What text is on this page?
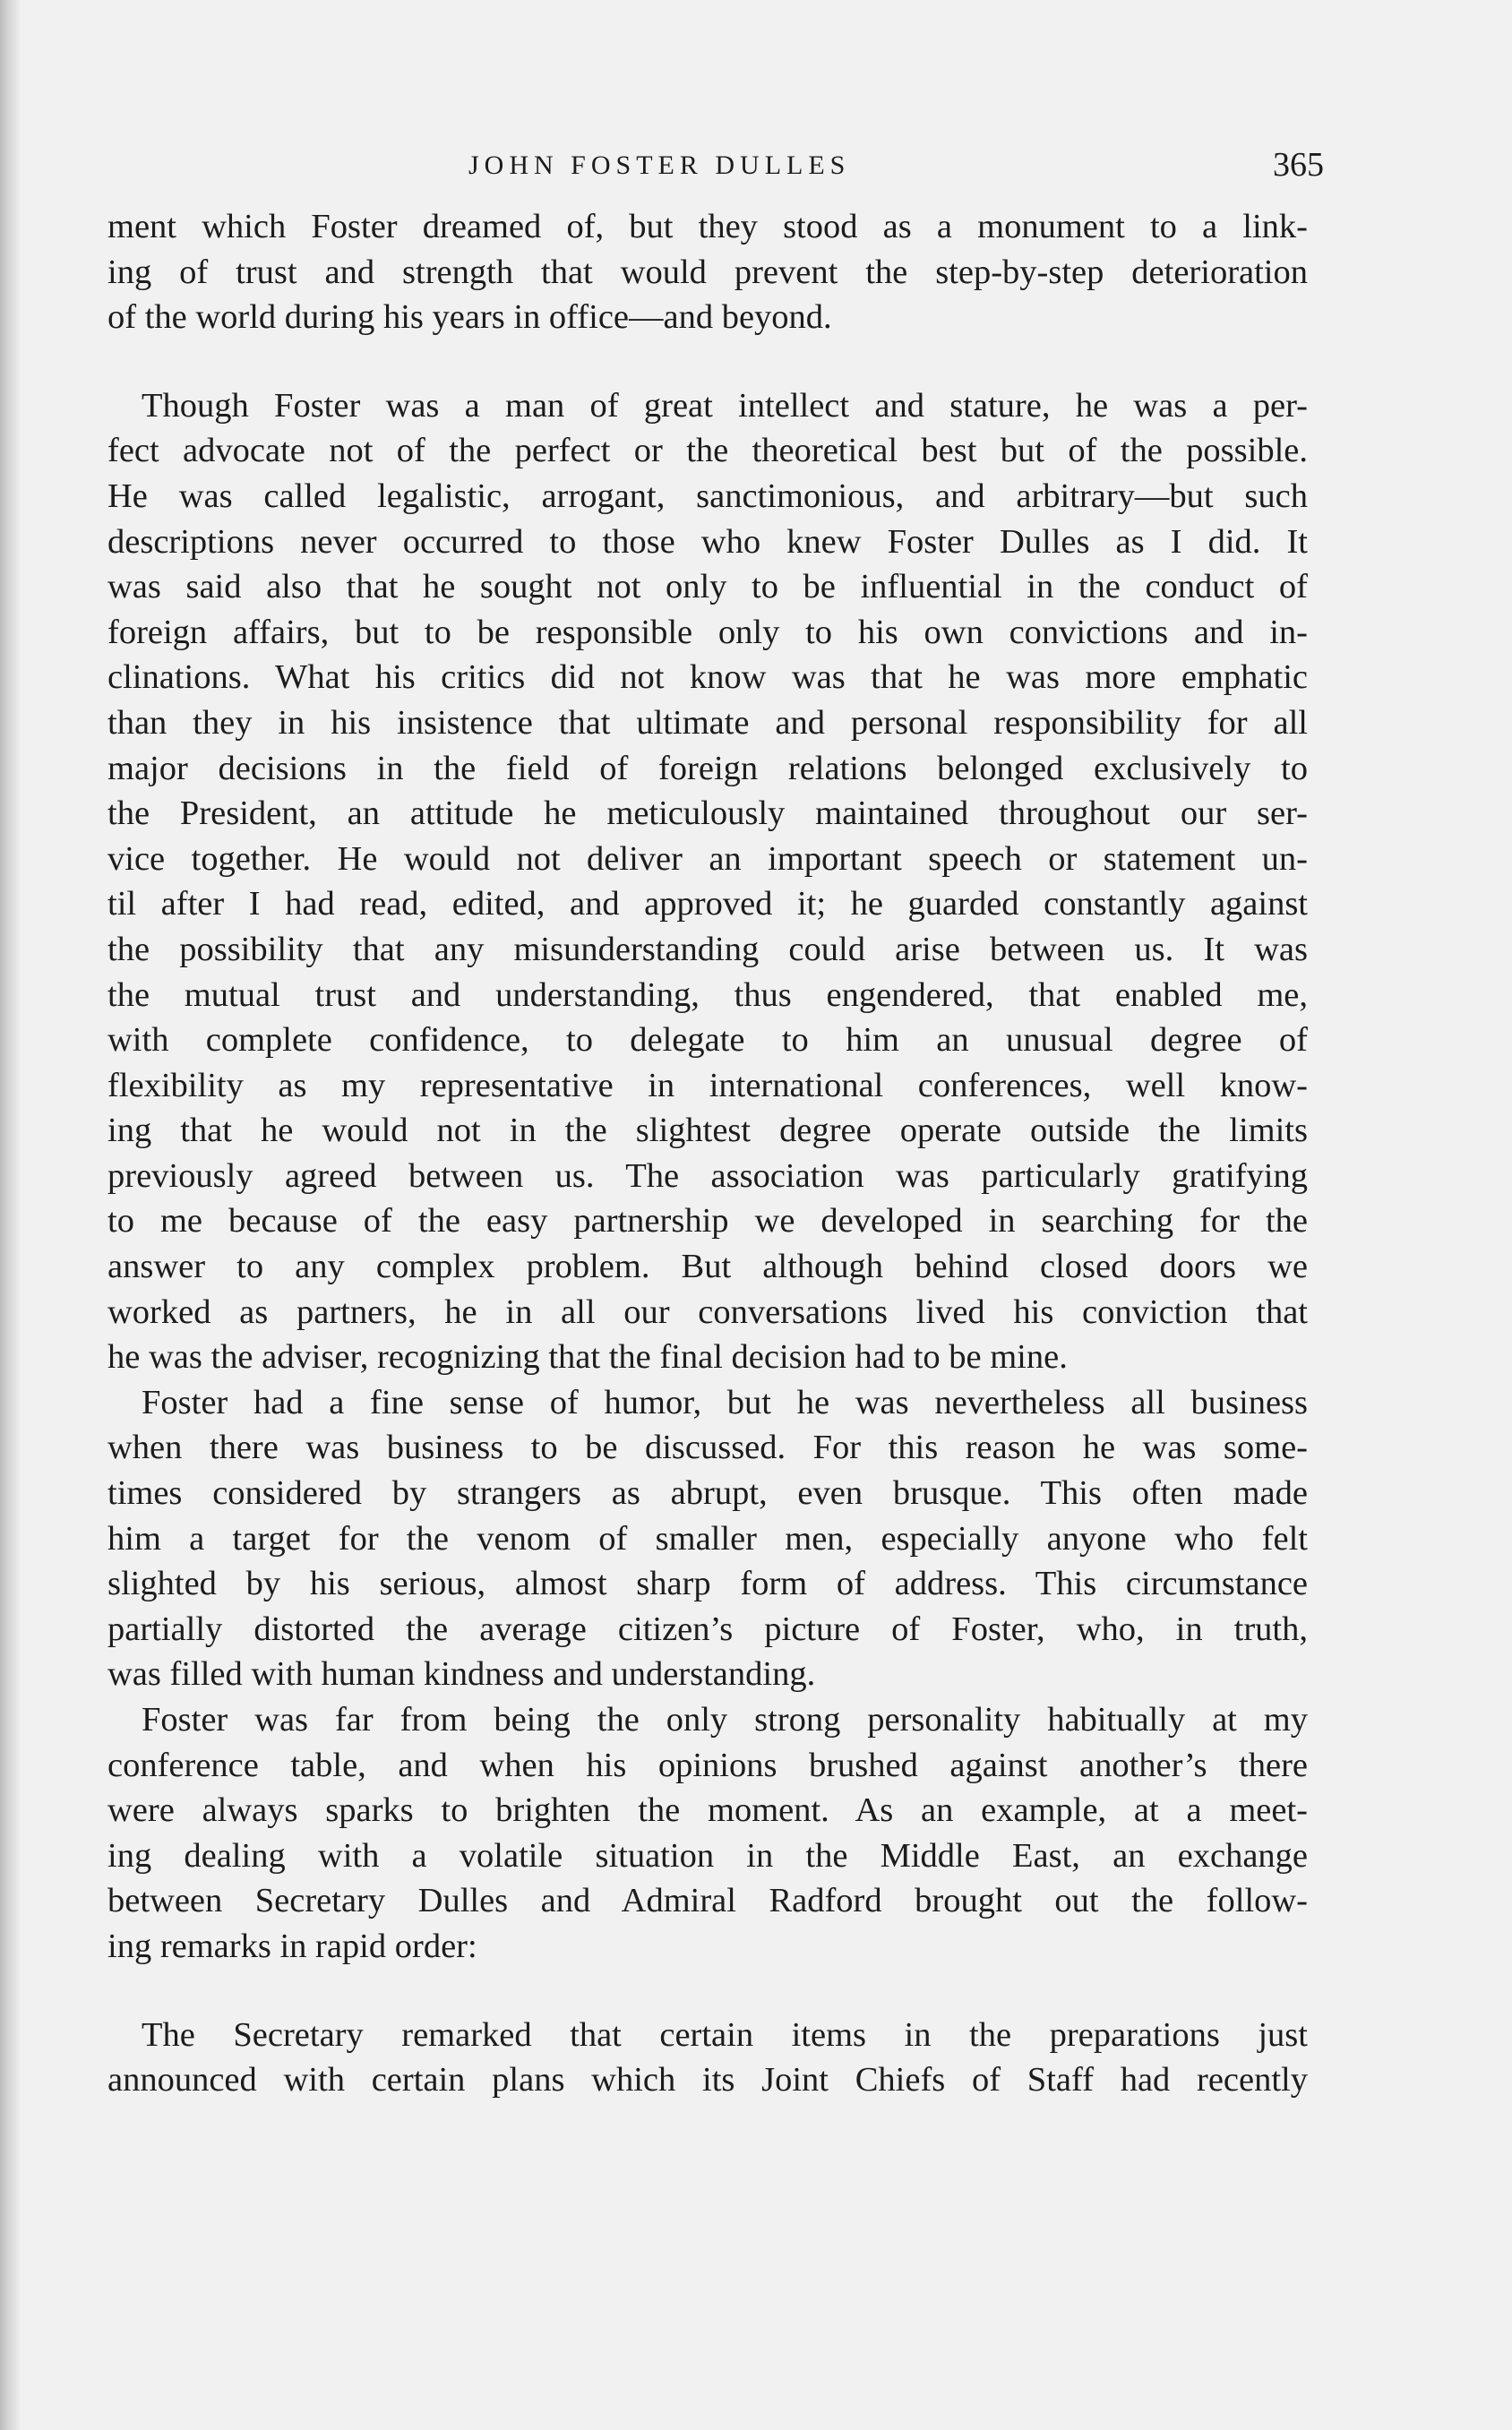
JOHN FOSTER DULLES	365

ment which Foster dreamed of, but they stood as a monument to a link-
ing of trust and strength that would prevent the step-by-step deterioration
of the world during his years in office—and beyond.

Though Foster was a man of great intellect and stature, he was a per-
fect advocate not of the perfect or the theoretical best but of the possible.
He was called legalistic, arrogant, sanctimonious, and arbitrary—but such
descriptions never occurred to those who knew Foster Dulles as I did. It
was said also that he sought not only to be influential in the conduct of
foreign affairs, but to be responsible only to his own convictions and in-
clinations. What his critics did not know was that he was more emphatic
than they in his insistence that ultimate and personal responsibility for all
major decisions in the field of foreign relations belonged exclusively to
the President, an attitude he meticulously maintained throughout our ser-
vice together. He would not deliver an important speech or statement un-
til after I had read, edited, and approved it; he guarded constantly against
the possibility that any misunderstanding could arise between us. It was
the mutual trust and understanding, thus engendered, that enabled me,
with complete confidence, to delegate to him an unusual degree of
flexibility as my representative in international conferences, well know-
ing that he would not in the slightest degree operate outside the limits
previously agreed between us. The association was particularly gratifying
to me because of the easy partnership we developed in searching for the
answer to any complex problem. But although behind closed doors we
worked as partners, he in all our conversations lived his conviction that
he was the adviser, recognizing that the final decision had to be mine.

Foster had a fine sense of humor, but he was nevertheless all business
when there was business to be discussed. For this reason he was some-
times considered by strangers as abrupt, even brusque. This often made
him a target for the venom of smaller men, especially anyone who felt
slighted by his serious, almost sharp form of address. This circumstance
partially distorted the average citizen’s picture of Foster, who, in truth,
was filled with human kindness and understanding.

Foster was far from being the only strong personality habitually at my
conference table, and when his opinions brushed against another’s there
were always sparks to brighten the moment. As an example, at a meet-
ing dealing with a volatile situation in the Middle East, an exchange
between Secretary Dulles and Admiral Radford brought out the follow-
ing remarks in rapid order:

The Secretary remarked that certain items in the preparations just
announced with certain plans which its Joint Chiefs of Staff had recently
